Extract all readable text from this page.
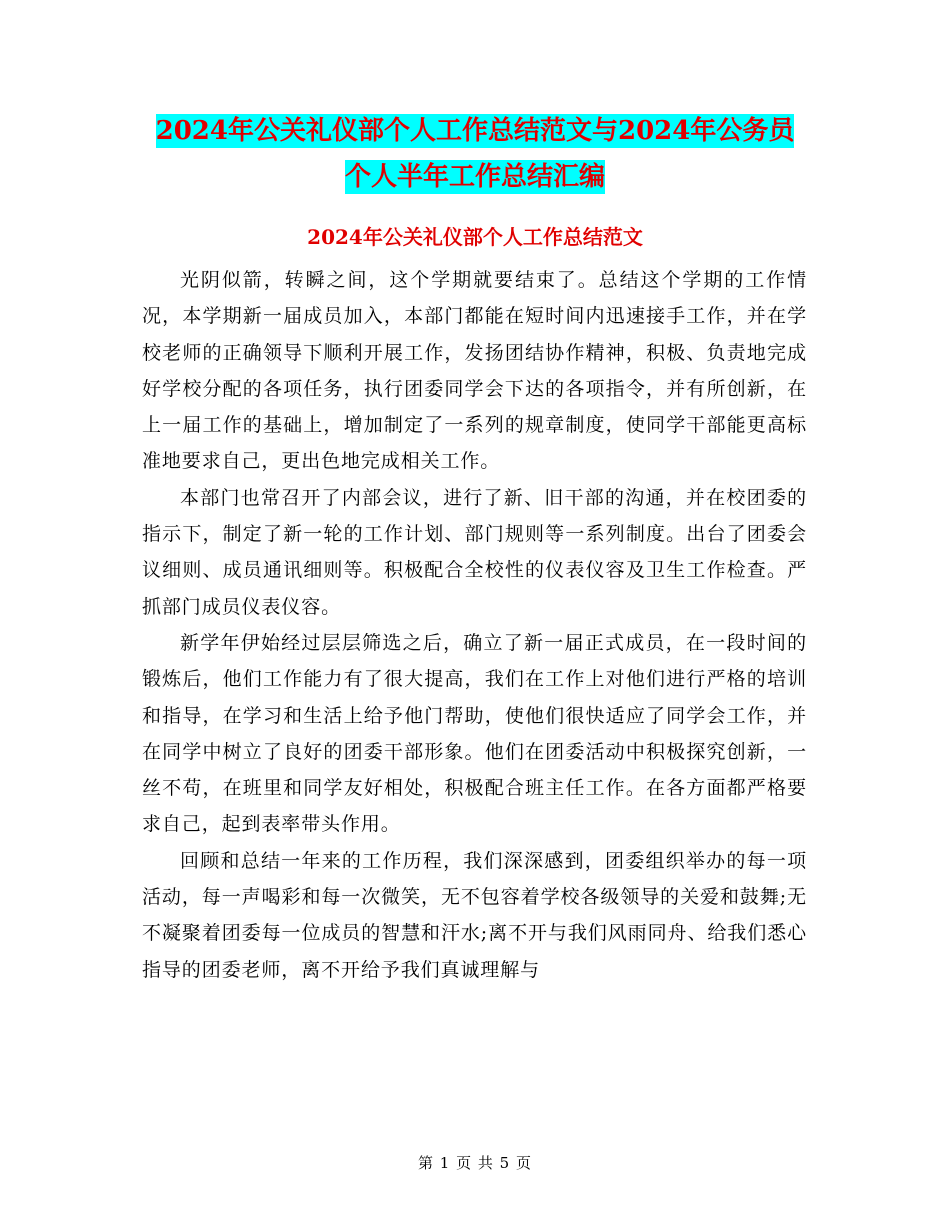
2024年公关礼仪部个人工作总结范文与2024年公务员
个人半年工作总结汇编
2024年公关礼仪部个人工作总结范文

光阴似箭，转瞬之间，这个学期就要结束了。总结这个学期的工作情况，本学期新一届成员加入，本部门都能在短时间内迅速接手工作，并在学校老师的正确领导下顺利开展工作，发扬团结协作精神，积极、负责地完成好学校分配的各项任务，执行团委同学会下达的各项指令，并有所创新，在上一届工作的基础上，增加制定了一系列的规章制度，使同学干部能更高标准地要求自己，更出色地完成相关工作。

本部门也常召开了内部会议，进行了新、旧干部的沟通，并在校团委的指示下，制定了新一轮的工作计划、部门规则等一系列制度。出台了团委会议细则、成员通讯细则等。积极配合全校性的仪表仪容及卫生工作检查。严抓部门成员仪表仪容。

新学年伊始经过层层筛选之后，确立了新一届正式成员，在一段时间的锻炼后，他们工作能力有了很大提高，我们在工作上对他们进行严格的培训和指导，在学习和生活上给予他门帮助，使他们很快适应了同学会工作，并在同学中树立了良好的团委干部形象。他们在团委活动中积极探究创新，一丝不苟，在班里和同学友好相处，积极配合班主任工作。在各方面都严格要求自己，起到表率带头作用。

回顾和总结一年来的工作历程，我们深深感到，团委组织举办的每一项活动，每一声喝彩和每一次微笑，无不包容着学校各级领导的关爱和鼓舞;无不凝聚着团委每一位成员的智慧和汗水;离不开与我们风雨同舟、给我们悉心指导的团委老师，离不开给予我们真诚理解与

第 1 页 共 5 页
